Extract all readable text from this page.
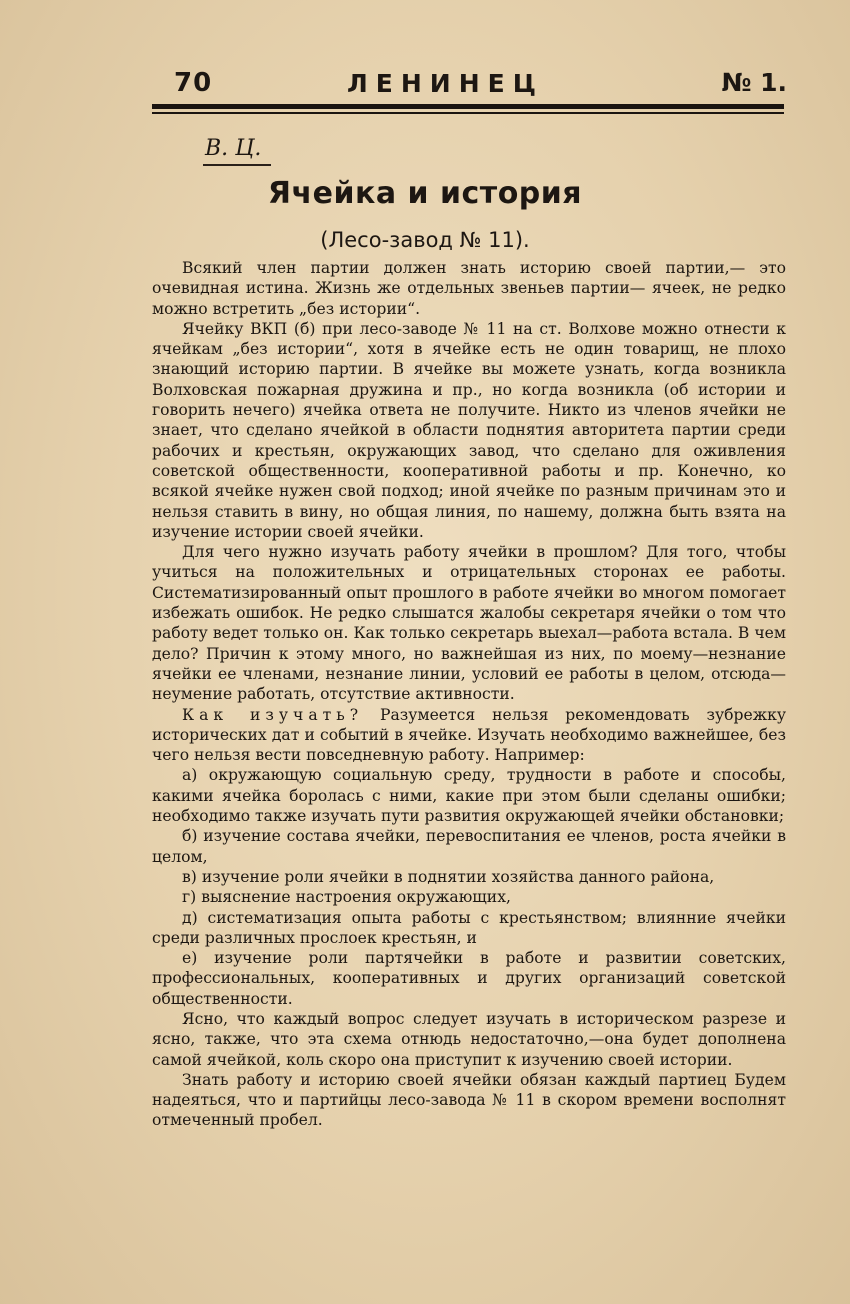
70	ЛЕНИНЕЦ	№ 1.
В. Ц.
Ячейка и история
(Лесо-завод № 11).

Всякий член партии должен знать историю своей партии,— это очевидная истина. Жизнь же отдельных звеньев партии— ячеек, не редко можно встретить „без истории“.

Ячейку ВКП (б) при лесо-заводе № 11 на ст. Волхове можно отнести к ячейкам „без истории“, хотя в ячейке есть не один товарищ, не плохо знающий историю партии. В ячейке вы можете узнать, когда возникла Волховская пожарная дружина и пр., но когда возникла (об истории и говорить нечего) ячейка ответа не получите. Никто из членов ячейки не знает, что сделано ячейкой в области поднятия авторитета партии среди рабочих и крестьян, окружающих завод, что сделано для оживления советской общественности, кооперативной работы и пр. Конечно, ко всякой ячейке нужен свой подход; иной ячейке по разным причинам это и нельзя ставить в вину, но общая линия, по нашему, должна быть взята на изучение истории своей ячейки.

Для чего нужно изучать работу ячейки в прошлом? Для того, чтобы учиться на положительных и отрицательных сторонах ее работы. Систематизированный опыт прошлого в работе ячейки во многом помогает избежать ошибок. Не редко слышатся жалобы секретаря ячейки о том что работу ведет только он. Как только секретарь выехал—работа встала. В чем дело? Причин к этому много, но важнейшая из них, по моему—незнание ячейки ее членами, незнание линии, условий ее работы в целом, отсюда—неумение работать, отсутствие активности.

Как изучать? Разумеется нельзя рекомендовать зубрежку исторических дат и событий в ячейке. Изучать необходимо важнейшее, без чего нельзя вести повседневную работу. Например:

а) окружающую социальную среду, трудности в работе и способы, какими ячейка боролась с ними, какие при этом были сделаны ошибки; необходимо также изучать пути развития окружающей ячейки обстановки;

б) изучение состава ячейки, перевоспитания ее членов, роста ячейки в целом,

в) изучение роли ячейки в поднятии хозяйства данного района,

г) выяснение настроения окружающих,

д) систематизация опыта работы с крестьянством; влиянние ячейки среди различных прослоек крестьян, и

е) изучение роли партячейки в работе и развитии советских, профессиональных, кооперативных и других организаций советской общественности.

Ясно, что каждый вопрос следует изучать в историческом разрезе и ясно, также, что эта схема отнюдь недостаточно,—она будет дополнена самой ячейкой, коль скоро она приступит к изучению своей истории.

Знать работу и историю своей ячейки обязан каждый партиец Будем надеяться, что и партийцы лесо-завода № 11 в скором времени восполнят отмеченный пробел.
